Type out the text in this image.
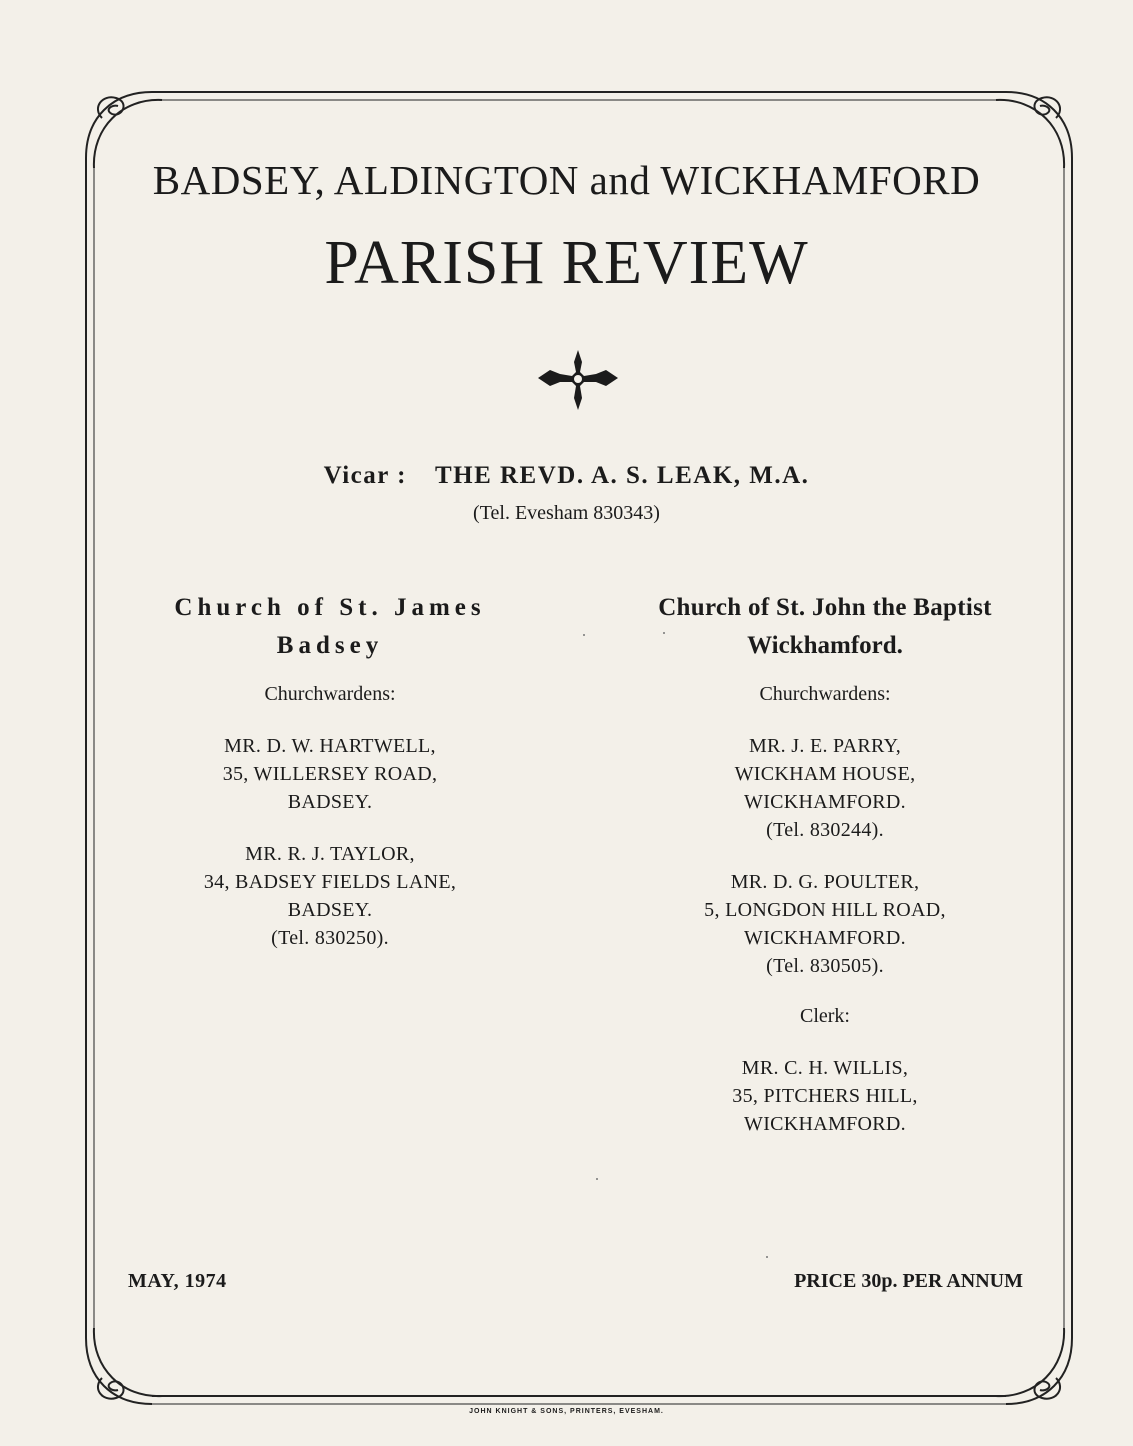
BADSEY, ALDINGTON and WICKHAMFORD
PARISH REVIEW
Vicar : THE REVD. A. S. LEAK, M.A.
(Tel. Evesham 830343)
Church of St. James
Badsey
Churchwardens:
MR. D. W. HARTWELL,
35, WILLERSEY ROAD,
BADSEY.
MR. R. J. TAYLOR,
34, BADSEY FIELDS LANE,
BADSEY.
(Tel. 830250).
Church of St. John the Baptist
Wickhamford.
Churchwardens:
MR. J. E. PARRY,
WICKHAM HOUSE,
WICKHAMFORD.
(Tel. 830244).
MR. D. G. POULTER,
5, LONGDON HILL ROAD,
WICKHAMFORD.
(Tel. 830505).
Clerk:
MR. C. H. WILLIS,
35, PITCHERS HILL,
WICKHAMFORD.
MAY, 1974	PRICE 30p. PER ANNUM
JOHN KNIGHT & SONS, PRINTERS, EVESHAM.
